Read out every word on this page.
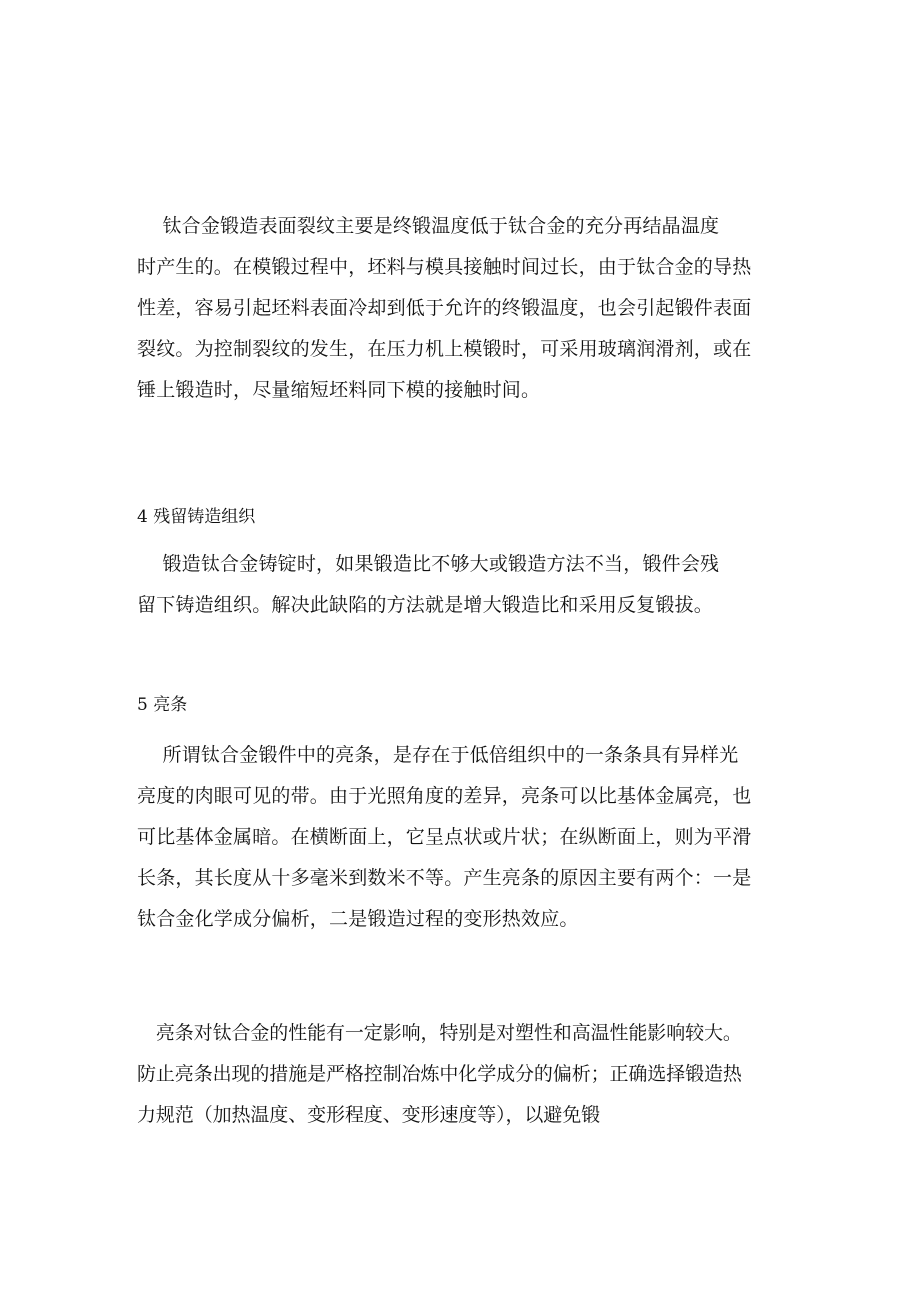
　 钛合金锻造表面裂纹主要是终锻温度低于钛合金的充分再结晶温度
时产生的。在模锻过程中，坯料与模具接触时间过长，由于钛合金的导热
性差，容易引起坯料表面冷却到低于允许的终锻温度，也会引起锻件表面
裂纹。为控制裂纹的发生，在压力机上模锻时，可采用玻璃润滑剂，或在
锤上锻造时，尽量缩短坯料同下模的接触时间。

4 残留铸造组织

　 锻造钛合金铸锭时，如果锻造比不够大或锻造方法不当，锻件会残
留下铸造组织。解决此缺陷的方法就是增大锻造比和采用反复锻拔。

5 亮条

　 所谓钛合金锻件中的亮条，是存在于低倍组织中的一条条具有异样光
亮度的肉眼可见的带。由于光照角度的差异，亮条可以比基体金属亮，也
可比基体金属暗。在横断面上，它呈点状或片状；在纵断面上，则为平滑
长条，其长度从十多毫米到数米不等。产生亮条的原因主要有两个：一是
钛合金化学成分偏析，二是锻造过程的变形热效应。

　亮条对钛合金的性能有一定影响，特别是对塑性和高温性能影响较大。
防止亮条出现的措施是严格控制冶炼中化学成分的偏析；正确选择锻造热
力规范（加热温度、变形程度、变形速度等），以避免锻
